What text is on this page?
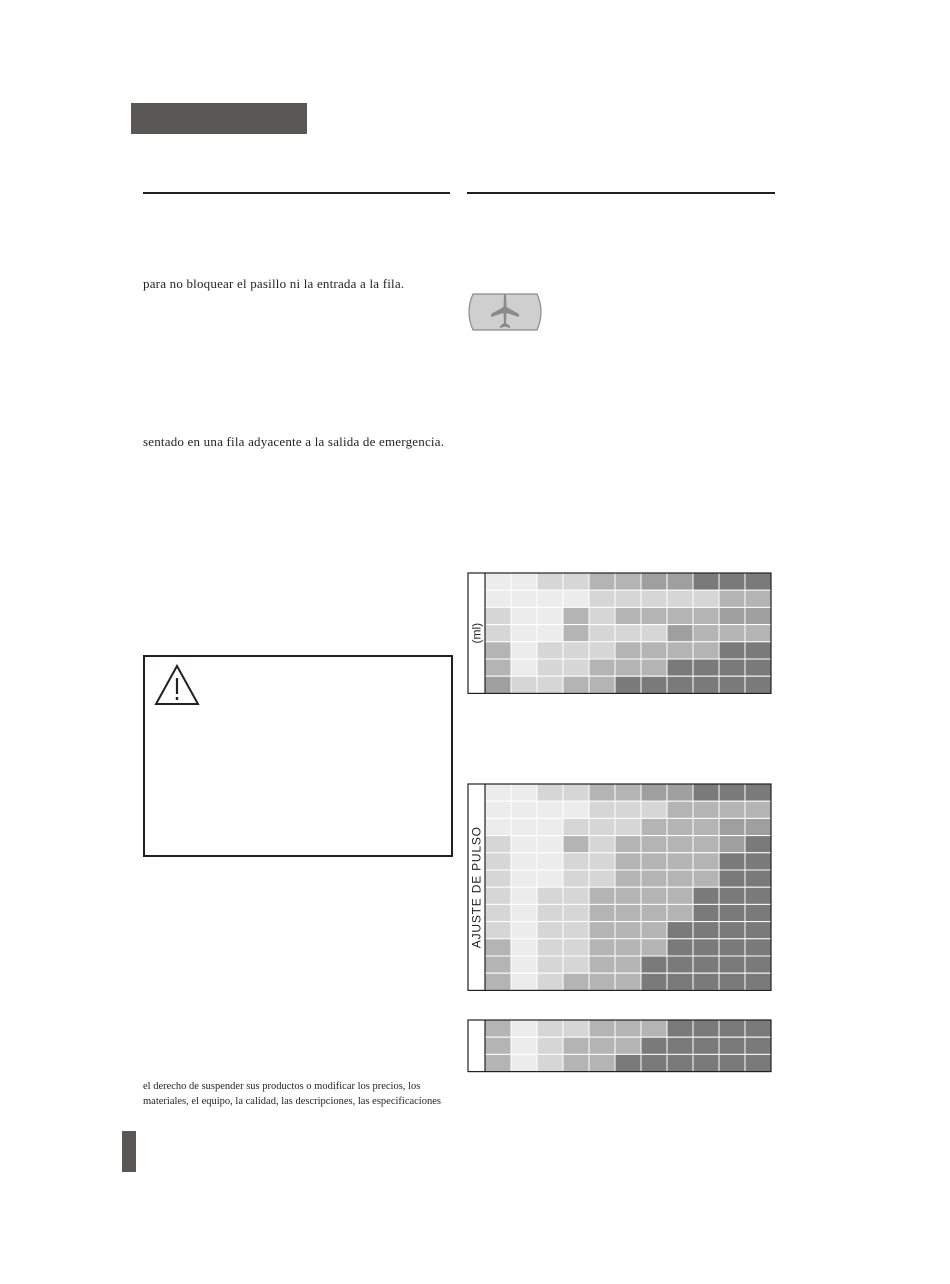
para no bloquear el pasillo ni la entrada a la fila.
sentado en una fila adyacente a la salida de emergencia.
(ml)
AJUSTE DE PULSO
el derecho de suspender sus productos o modificar los precios, los
materiales, el equipo, la calidad, las descripciones, las especificaciones
